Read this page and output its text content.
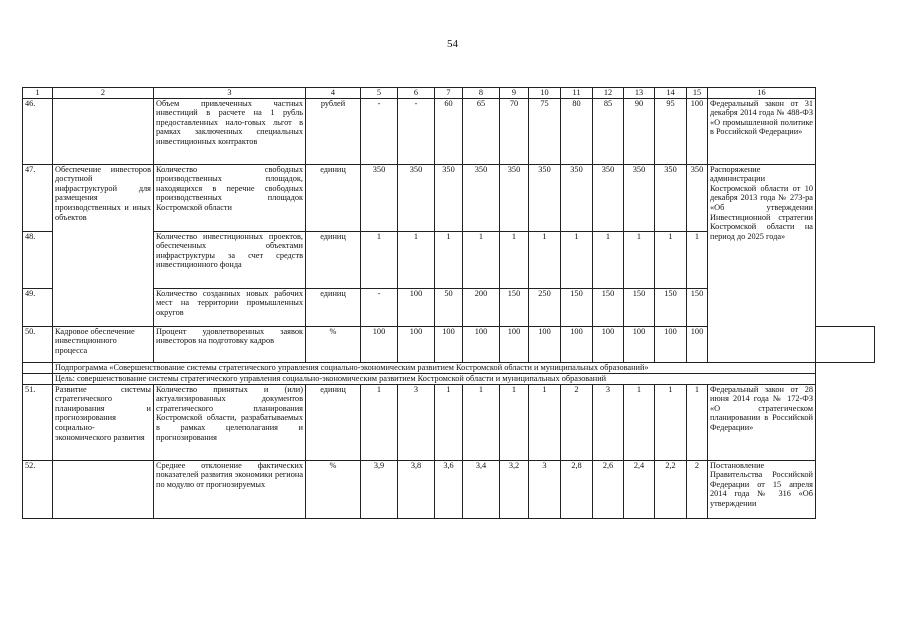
54
1	2	3	4	5	6	7	8	9	10	11	12	13	14	15	16	
46.		Объем привлеченных частных инвестиций в расчете на 1 рубль предоставленных нало-говых льгот в рамках заключенных специальных инвестиционных контрактов	рублей	-	-	60	65	70	75	80	85	90	95	100	Федеральный закон от 31 декабря 2014 года № 488-ФЗ «О промышленной политике в Российской Федерации»	
47.	Обеспечение инвесторов доступной инфраструктурой для размещения производственных и иных объектов	Количество свободных производственных площадок, находящихся в перечне свободных производственных площадок Костромской области	единиц	350	350	350	350	350	350	350	350	350	350	350	Распоряжение администрации Костромской области от 10 декабря 2013 года № 273-ра «Об утверждении Инвестиционной стратегии Костромской области на период до 2025 года»	
48.		Количество инвестиционных проектов, обеспеченных объектами инфраструктуры за счет средств инвестиционного фонда	единиц	1	1	1	1	1	1	1	1	1	1	1		
49.		Количество созданных новых рабочих мест на территории промышленных округов	единиц	-	100	50	200	150	250	150	150	150	150	150		
50.	Кадровое обеспечение инвестиционного процесса	Процент удовлетворенных заявок инвесторов на подготовку кадров	%	100	100	100	100	100	100	100	100	100	100	100		
	Подпрограмма «Совершенствование системы стратегического управления социально-экономическим развитием Костромской области и муниципальных образований»															
	Цель: совершенствование системы стратегического управления социально-экономическим развитием Костромской области и муниципальных образований															
51.	Развитие системы стратегического планирования и прогнозирования социально-экономического развития	Количество принятых и (или) актуализированных документов стратегического планирования Костромской области, разрабатываемых в рамках целеполагания и прогнозирования	единиц	1	3	1	1	1	1	2	3	1	1	1	Федеральный закон от 28 июня 2014 года № 172-ФЗ «О стратегическом планировании в Российской Федерации»	
52.		Среднее отклонение фактических показателей развития экономики региона по модулю от прогнозируемых	%	3,9	3,8	3,6	3,4	3,2	3	2,8	2,6	2,4	2,2	2	Постановление Правительства Российской Федерации от 15 апреля 2014 года № 316 «Об утверждении	
